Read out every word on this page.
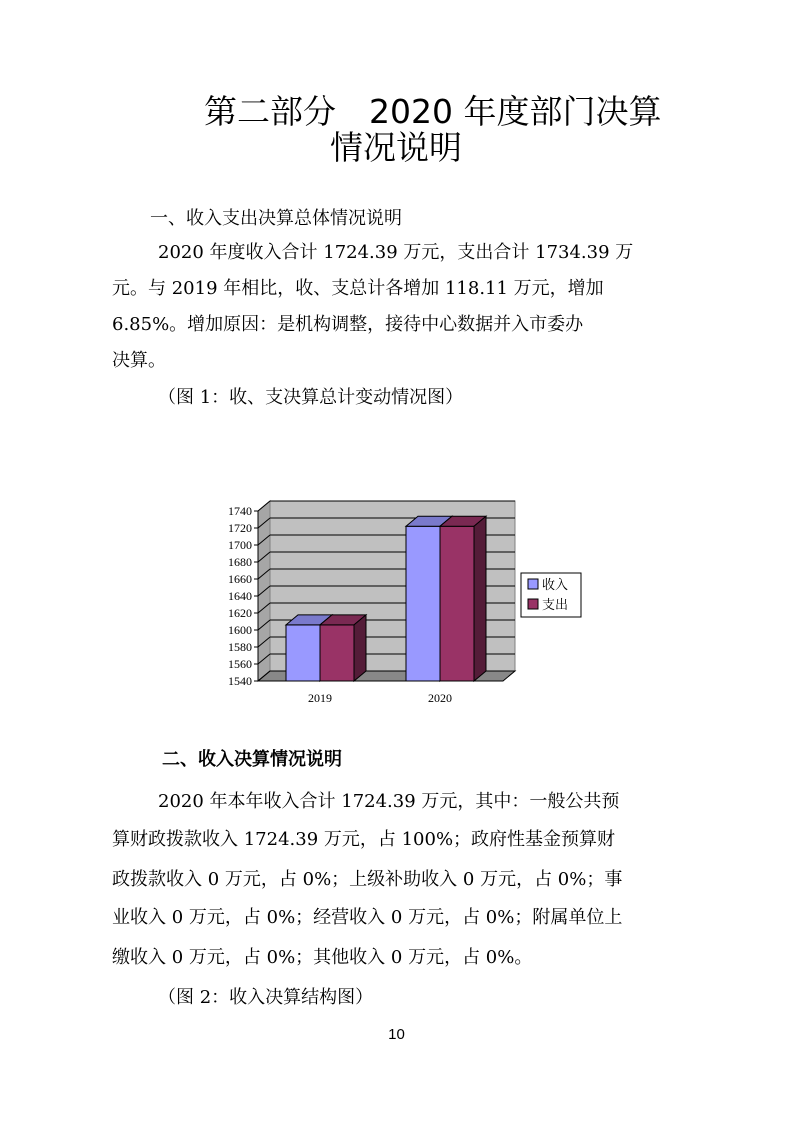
第二部分　2020 年度部门决算
情况说明
一、收入支出决算总体情况说明
2020 年度收入合计 1724.39 万元，支出合计 1734.39 万
元。与 2019 年相比，收、支总计各增加 118.11 万元，增加
6.85%。增加原因：是机构调整，接待中心数据并入市委办
决算。
（图 1：收、支决算总计变动情况图）
1540
1560
1580
1600
1620
1640
1660
1680
1700
1720
1740
2019	2020
收入
支出
二、收入决算情况说明
2020 年本年收入合计 1724.39 万元，其中：一般公共预
算财政拨款收入 1724.39 万元，占 100%；政府性基金预算财
政拨款收入 0 万元，占 0%；上级补助收入 0 万元，占 0%；事
业收入 0 万元，占 0%；经营收入 0 万元，占 0%；附属单位上
缴收入 0 万元，占 0%；其他收入 0 万元，占 0%。
（图 2：收入决算结构图）
10
